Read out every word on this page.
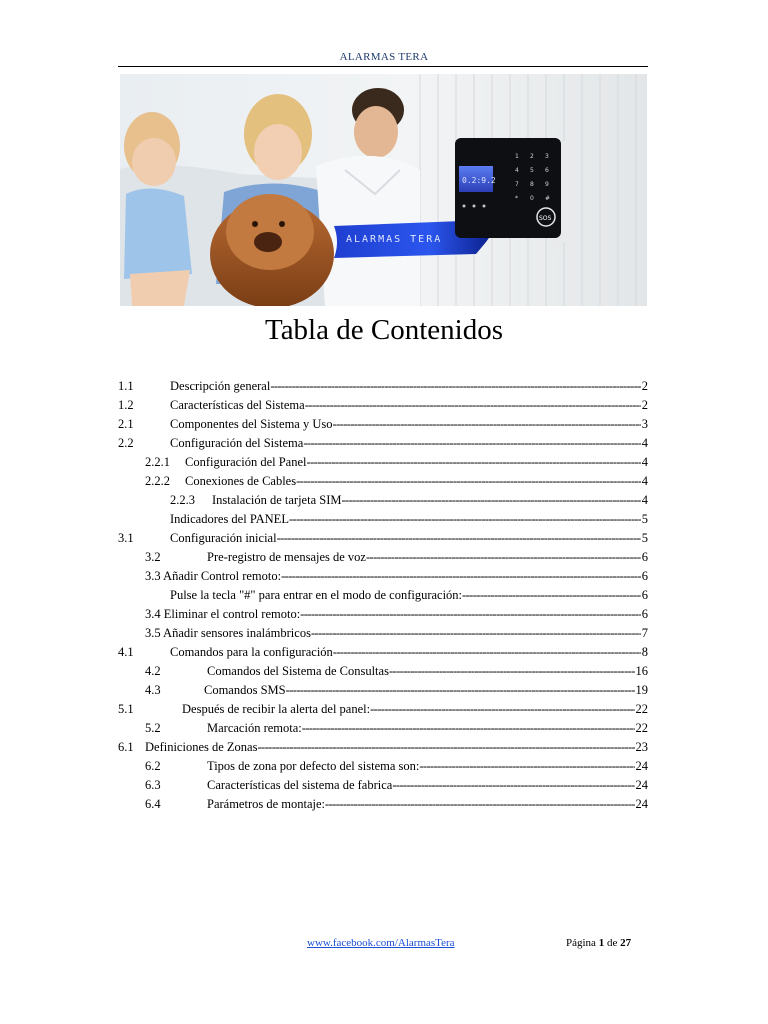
ALARMAS TERA
ALARMAS TERA
0.2:9.2
1 2 3
4 5 6
7 8 9
* 0 #
SOS
Tabla de Contenidos
1.1	Descripción general -----	2
1.2	Características del Sistema -----	2
2.1	Componentes del Sistema y Uso -----	3
2.2	Configuración del Sistema -----	4
2.2.1 Configuración del Panel -----	4
2.2.2 Conexiones de Cables -----	4
2.2.3 Instalación de tarjeta SIM -----	4
Indicadores del PANEL -----	5
3.1	Configuración inicial -----	5
3.2	Pre-registro de mensajes de voz -----	6
3.3 Añadir Control remoto: -----	6
Pulse la tecla "#" para entrar en el modo de configuración: -----	6
3.4 Eliminar el control remoto: -----	6
3.5 Añadir sensores inalámbricos -----	7
4.1	Comandos para la configuración -----	8
4.2	Comandos del Sistema de Consultas -----	16
4.3	Comandos SMS -----	19
5.1	Después de recibir la alerta del panel: -----	22
5.2	Marcación remota: -----	22
6.1 Definiciones de Zonas -----	23
6.2	Tipos de zona por defecto del sistema son: -----	24
6.3	Características del sistema de fabrica -----	24
6.4	Parámetros de montaje: -----	24
www.facebook.com/AlarmasTera	Página 1 de 27
